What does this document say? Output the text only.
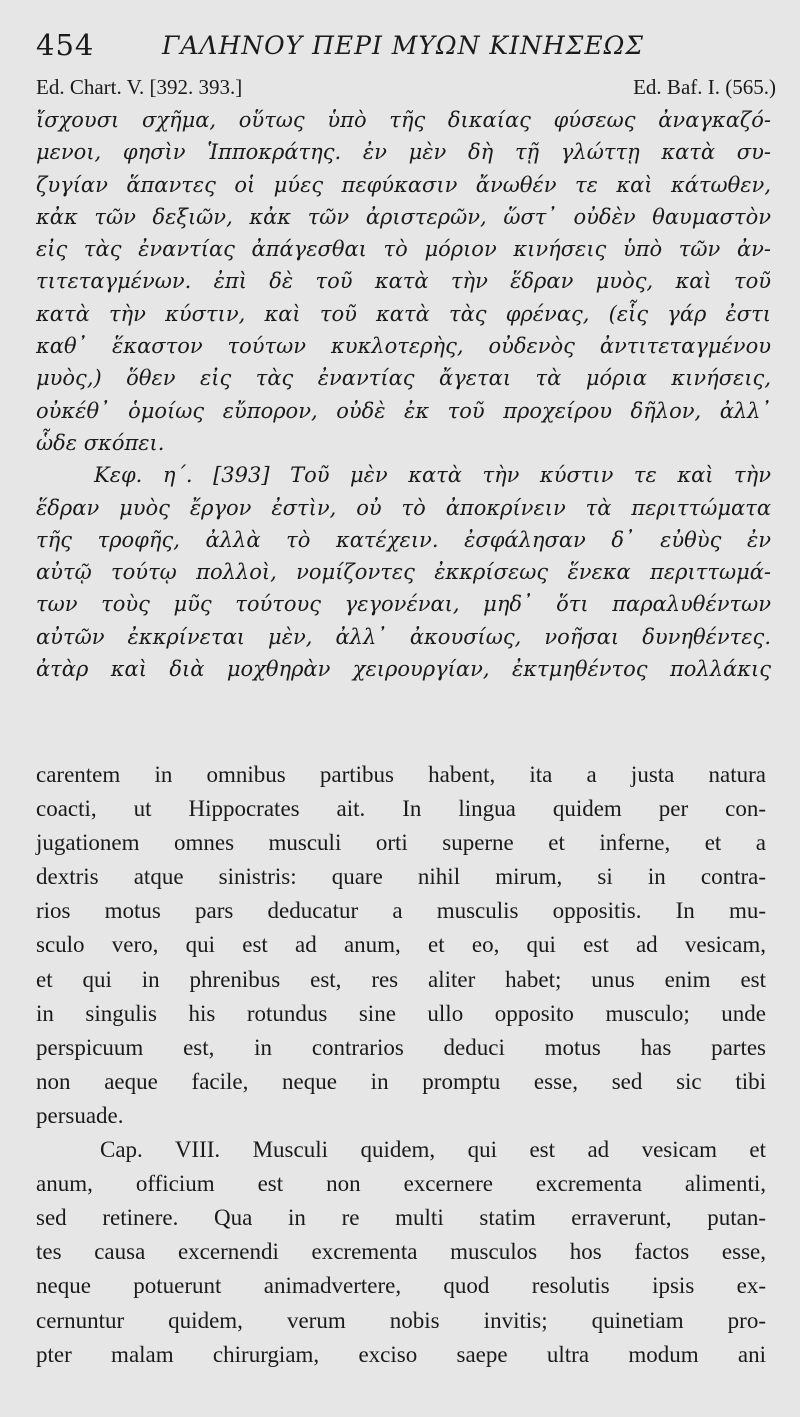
454	ΓΑΛΗΝΟΥ ΠΕΡΙ ΜΥΩΝ ΚΙΝΗΣΕΩΣ
Ed. Chart. V. [392. 393.]	Ed. Baf. I. (565.)
ἴσχουσι σχῆμα, οὕτως ὑπὸ τῆς δικαίας φύσεως ἀναγκαζό-
μενοι, φησὶν Ἱπποκράτης. ἐν μὲν δὴ τῇ γλώττῃ κατὰ συ-
ζυγίαν ἅπαντες οἱ μύες πεφύκασιν ἄνωθέν τε καὶ κάτωθεν,
κἀκ τῶν δεξιῶν, κἀκ τῶν ἀριστερῶν, ὥστ᾽ οὐδὲν θαυμαστὸν
εἰς τὰς ἐναντίας ἀπάγεσθαι τὸ μόριον κινήσεις ὑπὸ τῶν ἀν-
τιτεταγμένων. ἐπὶ δὲ τοῦ κατὰ τὴν ἕδραν μυὸς, καὶ τοῦ
κατὰ τὴν κύστιν, καὶ τοῦ κατὰ τὰς φρένας, (εἷς γάρ ἐστι
καθ᾽ ἕκαστον τούτων κυκλοτερὴς, οὐδενὸς ἀντιτεταγμένου
μυὸς,) ὅθεν εἰς τὰς ἐναντίας ἄγεται τὰ μόρια κινήσεις,
οὐκέθ᾽ ὁμοίως εὔπορον, οὐδὲ ἐκ τοῦ προχείρου δῆλον, ἀλλ᾽
ὧδε σκόπει.
Κεφ. η΄. [393] Τοῦ μὲν κατὰ τὴν κύστιν τε καὶ τὴν
ἕδραν μυὸς ἔργον ἐστὶν, οὐ τὸ ἀποκρίνειν τὰ περιττώματα
τῆς τροφῆς, ἀλλὰ τὸ κατέχειν. ἐσφάλησαν δ᾽ εὐθὺς ἐν
αὐτῷ τούτῳ πολλοὶ, νομίζοντες ἐκκρίσεως ἕνεκα περιττωμά-
των τοὺς μῦς τούτους γεγονέναι, μηδ᾽ ὅτι παραλυθέντων
αὐτῶν ἐκκρίνεται μὲν, ἀλλ᾽ ἀκουσίως, νοῆσαι δυνηθέντες.
ἀτὰρ καὶ διὰ μοχθηρὰν χειρουργίαν, ἐκτμηθέντος πολλάκις
carentem in omnibus partibus habent, ita a justa natura
coacti, ut Hippocrates ait. In lingua quidem per con-
jugationem omnes musculi orti superne et inferne, et a
dextris atque sinistris: quare nihil mirum, si in contra-
rios motus pars deducatur a musculis oppositis. In mu-
sculo vero, qui est ad anum, et eo, qui est ad vesicam,
et qui in phrenibus est, res aliter habet; unus enim est
in singulis his rotundus sine ullo opposito musculo; unde
perspicuum est, in contrarios deduci motus has partes
non aeque facile, neque in promptu esse, sed sic tibi
persuade.
Cap. VIII. Musculi quidem, qui est ad vesicam et
anum, officium est non excernere excrementa alimenti,
sed retinere. Qua in re multi statim erraverunt, putan-
tes causa excernendi excrementa musculos hos factos esse,
neque potuerunt animadvertere, quod resolutis ipsis ex-
cernuntur quidem, verum nobis invitis; quinetiam pro-
pter malam chirurgiam, exciso saepe ultra modum ani
